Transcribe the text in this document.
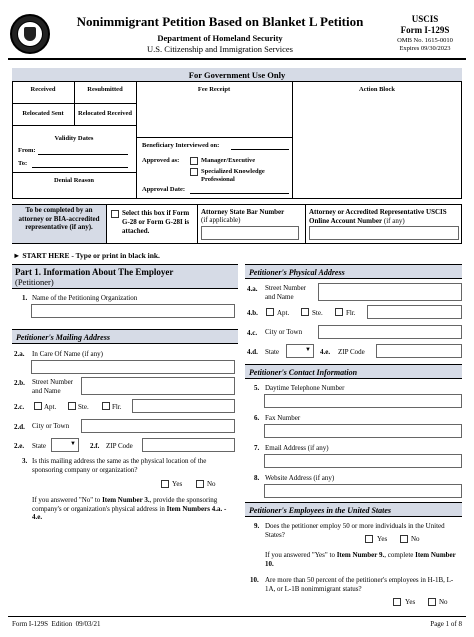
Nonimmigrant Petition Based on Blanket L Petition
Department of Homeland Security
U.S. Citizenship and Immigration Services
USCIS
Form I-129S
OMB No. 1615-0010
Expires 09/30/2023
For Government Use Only
Received	Resubmitted
Relocated Sent	Relocated Received
Validity Dates
From:
To:
Denial Reason
Fee Receipt
Beneficiary Interviewed on:
Approved as:	Manager/Executive
Specialized Knowledge Professional
Approval Date:
Action Block
To be completed by an attorney or BIA-accredited representative (if any).
Select this box if Form G-28 or Form G-28I is attached.
Attorney State Bar Number
(if applicable)
Attorney or Accredited Representative USCIS Online Account Number (if any)
► START HERE - Type or print in black ink.
Part 1. Information About The Employer
(Petitioner)
1. Name of the Petitioning Organization
Petitioner's Mailing Address
2.a. In Care Of Name (if any)
2.b. Street Number and Name
2.c.	Apt.	Ste.	Flr.
2.d. City or Town
2.e. State	▼ 2.f. ZIP Code
3. Is this mailing address the same as the physical location of the sponsoring company or organization?
Yes	No
If you answered "No" to Item Number 3., provide the sponsoring company's or organization's physical address in Item Numbers 4.a. - 4.e.
Petitioner's Physical Address
4.a. Street Number and Name
4.b.	Apt.	Ste.	Flr.
4.c. City or Town
4.d. State	▼ 4.e. ZIP Code
Petitioner's Contact Information
5. Daytime Telephone Number
6. Fax Number
7. Email Address (if any)
8. Website Address (if any)
Petitioner's Employees in the United States
9. Does the petitioner employ 50 or more individuals in the United States?
Yes	No
If you answered "Yes" to Item Number 9., complete Item Number 10.
10. Are more than 50 percent of the petitioner's employees in H-1B, L-1A, or L-1B nonimmigrant status?
Yes	No
Form I-129S  Edition  09/03/21	Page 1 of 8
